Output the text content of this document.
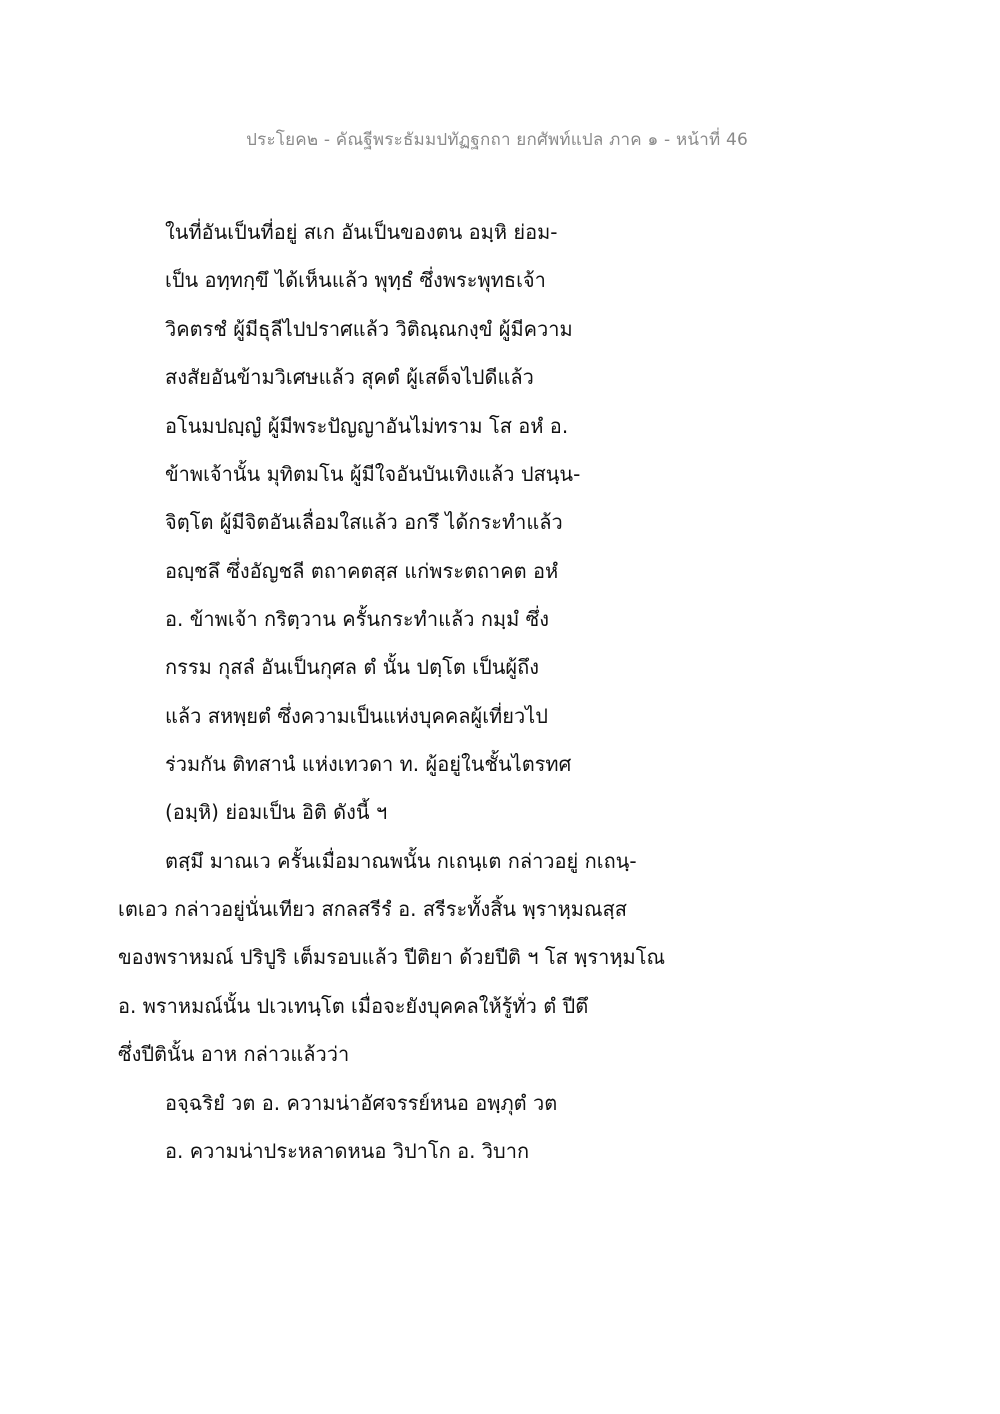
ประโยค๒ - คัณฐีพระธัมมปทัฏฐกถา ยกศัพท์แปล ภาค ๑ - หน้าที่ 46
ในที่อันเป็นที่อยู่ สเก อันเป็นของตน อมฺหิ ย่อม-
เป็น อทฺทกฺขึ ได้เห็นแล้ว พุทฺธํ ซึ่งพระพุทธเจ้า
วิคตรชํ ผู้มีธุลีไปปราศแล้ว วิติณฺณกงฺขํ ผู้มีความ
สงสัยอันข้ามวิเศษแล้ว สุคตํ ผู้เสด็จไปดีแล้ว
อโนมปญฺญํ ผู้มีพระปัญญาอันไม่ทราม โส อหํ อ.
ข้าพเจ้านั้น มุทิตมโน ผู้มีใจอันบันเทิงแล้ว ปสนฺน-
จิตฺโต ผู้มีจิตอันเลื่อมใสแล้ว อกรึ ได้กระทำแล้ว
อญฺชลึ ซึ่งอัญชลี ตถาคตสฺส แก่พระตถาคต อหํ
อ. ข้าพเจ้า กริตฺวาน ครั้นกระทำแล้ว กมฺมํ ซึ่ง
กรรม กุสลํ อันเป็นกุศล ตํ นั้น ปตฺโต เป็นผู้ถึง
แล้ว สหพฺยตํ ซึ่งความเป็นแห่งบุคคลผู้เที่ยวไป
ร่วมกัน ติทสานํ แห่งเทวดา ท. ผู้อยู่ในชั้นไตรทศ
(อมฺหิ) ย่อมเป็น อิติ ดังนี้ ฯ
ตสฺมึ มาณเว ครั้นเมื่อมาณพนั้น กเถนฺเต กล่าวอยู่ กเถนฺ-
เตเอว กล่าวอยู่นั่นเทียว สกลสรีรํ อ. สรีระทั้งสิ้น พฺราหฺมณสฺส
ของพราหมณ์ ปริปูริ เต็มรอบแล้ว ปีติยา ด้วยปีติ ฯ โส พฺราหฺมโณ
อ. พราหมณ์นั้น ปเวเทนฺโต เมื่อจะยังบุคคลให้รู้ทั่ว ตํ ปีตึ
ซึ่งปีตินั้น อาห กล่าวแล้วว่า
อจฺฉริยํ วต อ. ความน่าอัศจรรย์หนอ อพฺภุตํ วต
อ. ความน่าประหลาดหนอ วิปาโก อ. วิบาก
